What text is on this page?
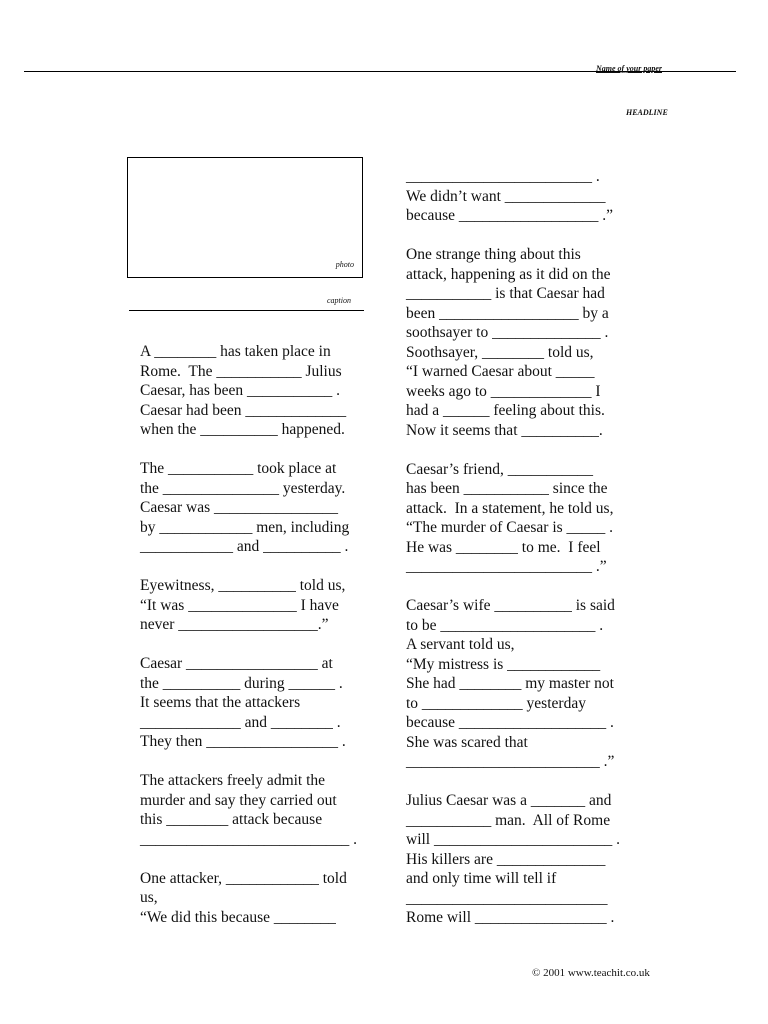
Name of your paper
HEADLINE
photo
caption
A ________ has taken place in
Rome.  The ___________ Julius
Caesar, has been ___________ .
Caesar had been _____________
when the __________ happened.
The ___________ took place at
the _______________ yesterday.
Caesar was ________________
by ____________ men, including
____________ and __________ .
Eyewitness, __________ told us,
“It was ______________ I have
never __________________.”
Caesar _________________ at
the __________ during ______ .
It seems that the attackers
_____________ and ________ .
They then _________________ .
The attackers freely admit the
murder and say they carried out
this ________ attack because
___________________________ .
One attacker, ____________ told
us,
“We did this because ________
________________________ .
We didn’t want _____________
because __________________ .”
One strange thing about this
attack, happening as it did on the
___________ is that Caesar had
been __________________ by a
soothsayer to ______________ .
Soothsayer, ________ told us,
“I warned Caesar about _____
weeks ago to _____________ I
had a ______ feeling about this.
Now it seems that __________.
Caesar’s friend, ___________
has been ___________ since the
attack.  In a statement, he told us,
“The murder of Caesar is _____ .
He was ________ to me.  I feel
________________________ .”
Caesar’s wife __________ is said
to be ____________________ .
A servant told us,
“My mistress is ____________
She had ________ my master not
to _____________ yesterday
because ___________________ .
She was scared that
_________________________ .”
Julius Caesar was a _______ and
___________ man.  All of Rome
will _______________________ .
His killers are ______________
and only time will tell if
__________________________
Rome will _________________ .
© 2001 www.teachit.co.uk
